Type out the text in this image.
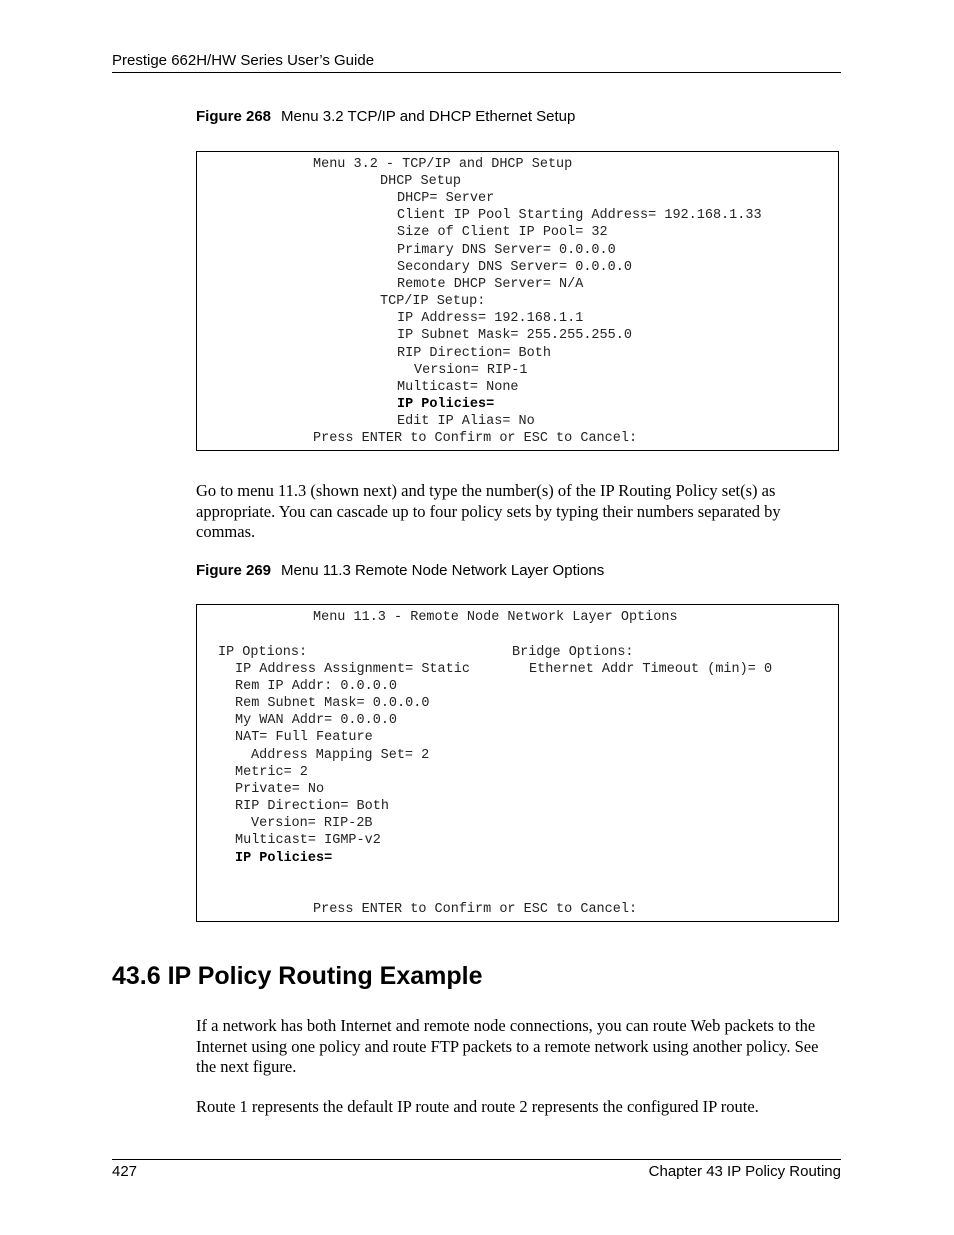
Prestige 662H/HW Series User’s Guide
Figure 268 Menu 3.2 TCP/IP and DHCP Ethernet Setup
Menu 3.2 - TCP/IP and DHCP Setup
DHCP Setup
DHCP= Server
Client IP Pool Starting Address= 192.168.1.33
Size of Client IP Pool= 32
Primary DNS Server= 0.0.0.0
Secondary DNS Server= 0.0.0.0
Remote DHCP Server= N/A
TCP/IP Setup:
IP Address= 192.168.1.1
IP Subnet Mask= 255.255.255.0
RIP Direction= Both
Version= RIP-1
Multicast= None
IP Policies=
Edit IP Alias= No
Press ENTER to Confirm or ESC to Cancel:
Go to menu 11.3 (shown next) and type the number(s) of the IP Routing Policy set(s) as appropriate. You can cascade up to four policy sets by typing their numbers separated by commas.
Figure 269 Menu 11.3 Remote Node Network Layer Options
Menu 11.3 - Remote Node Network Layer Options
IP Options:	Bridge Options:
IP Address Assignment= Static	Ethernet Addr Timeout (min)= 0
Rem IP Addr: 0.0.0.0
Rem Subnet Mask= 0.0.0.0
My WAN Addr= 0.0.0.0
NAT= Full Feature
Address Mapping Set= 2
Metric= 2
Private= No
RIP Direction= Both
Version= RIP-2B
Multicast= IGMP-v2
IP Policies=
Press ENTER to Confirm or ESC to Cancel:
43.6 IP Policy Routing Example
If a network has both Internet and remote node connections, you can route Web packets to the Internet using one policy and route FTP packets to a remote network using another policy. See the next figure.
Route 1 represents the default IP route and route 2 represents the configured IP route.
427	Chapter 43 IP Policy Routing
